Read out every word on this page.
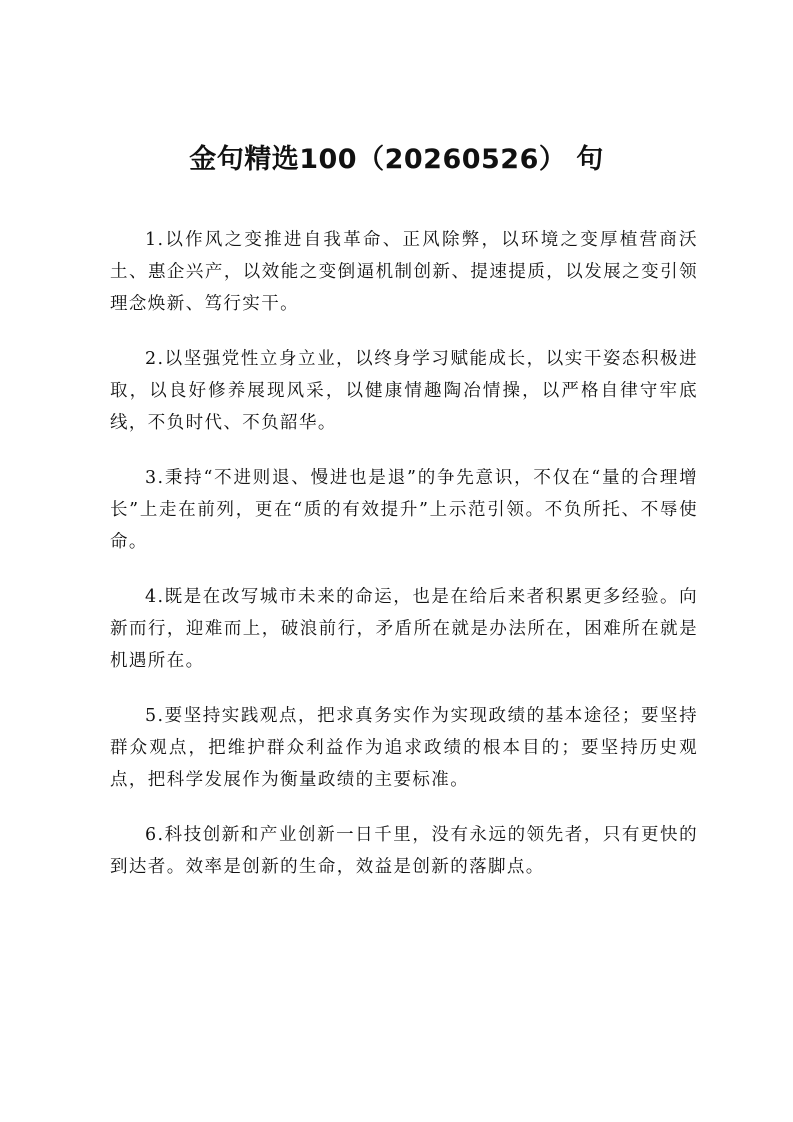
金句精选100（20260526） 句

1.以作风之变推进自我革命、正风除弊，以环境之变厚植营商沃土、惠企兴产，以效能之变倒逼机制创新、提速提质，以发展之变引领理念焕新、笃行实干。

2.以坚强党性立身立业，以终身学习赋能成长，以实干姿态积极进取，以良好修养展现风采，以健康情趣陶冶情操，以严格自律守牢底线，不负时代、不负韶华。

3.秉持“不进则退、慢进也是退”的争先意识，不仅在“量的合理增长”上走在前列，更在“质的有效提升”上示范引领。不负所托、不辱使命。

4.既是在改写城市未来的命运，也是在给后来者积累更多经验。向新而行，迎难而上，破浪前行，矛盾所在就是办法所在，困难所在就是机遇所在。

5.要坚持实践观点，把求真务实作为实现政绩的基本途径；要坚持群众观点，把维护群众利益作为追求政绩的根本目的；要坚持历史观点，把科学发展作为衡量政绩的主要标准。

6.科技创新和产业创新一日千里，没有永远的领先者，只有更快的到达者。效率是创新的生命，效益是创新的落脚点。
